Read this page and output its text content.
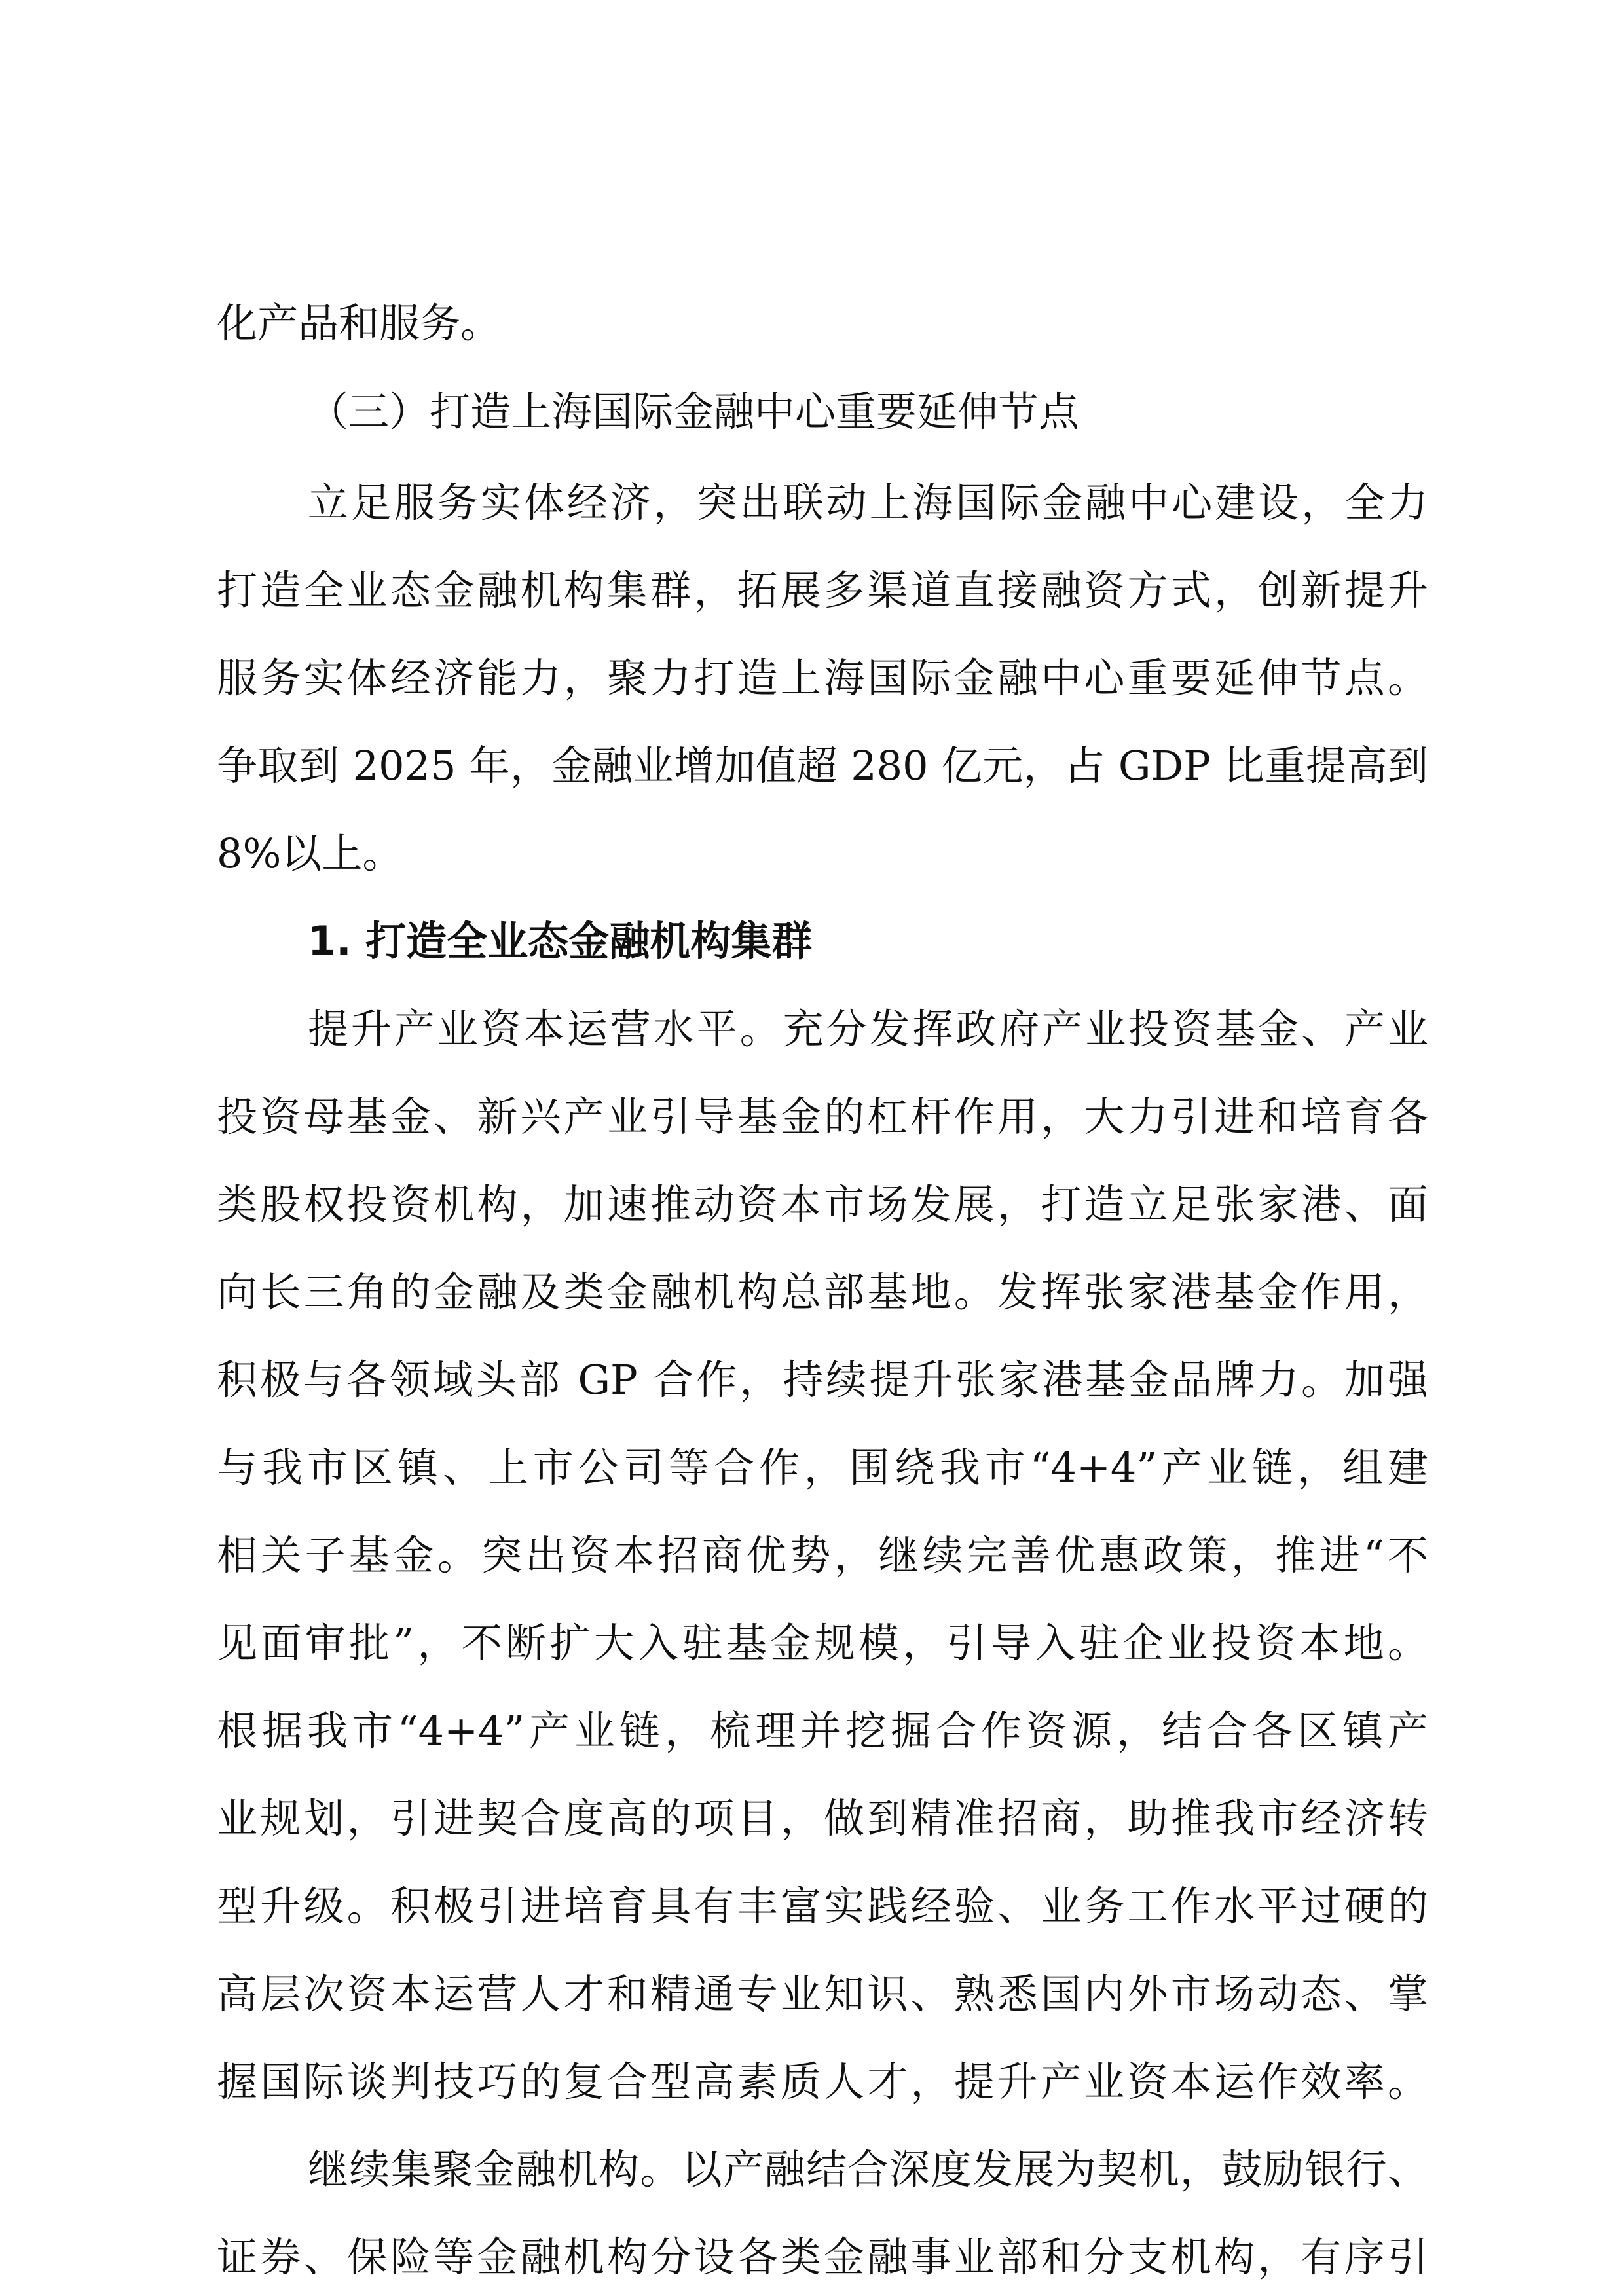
化产品和服务。
（三）打造上海国际金融中心重要延伸节点
立足服务实体经济，突出联动上海国际金融中心建设，全力
打造全业态金融机构集群，拓展多渠道直接融资方式，创新提升
服务实体经济能力，聚力打造上海国际金融中心重要延伸节点。
争取到 2025 年，金融业增加值超 280 亿元，占 GDP 比重提高到
8%以上。
1. 打造全业态金融机构集群
提升产业资本运营水平。充分发挥政府产业投资基金、产业
投资母基金、新兴产业引导基金的杠杆作用，大力引进和培育各
类股权投资机构，加速推动资本市场发展，打造立足张家港、面
向长三角的金融及类金融机构总部基地。发挥张家港基金作用，
积极与各领域头部 GP 合作，持续提升张家港基金品牌力。加强
与我市区镇、上市公司等合作，围绕我市“4+4”产业链，组建
相关子基金。突出资本招商优势，继续完善优惠政策，推进“不
见面审批”，不断扩大入驻基金规模，引导入驻企业投资本地。
根据我市“4+4”产业链，梳理并挖掘合作资源，结合各区镇产
业规划，引进契合度高的项目，做到精准招商，助推我市经济转
型升级。积极引进培育具有丰富实践经验、业务工作水平过硬的
高层次资本运营人才和精通专业知识、熟悉国内外市场动态、掌
握国际谈判技巧的复合型高素质人才，提升产业资本运作效率。
继续集聚金融机构。以产融结合深度发展为契机，鼓励银行、
证券、保险等金融机构分设各类金融事业部和分支机构，有序引
